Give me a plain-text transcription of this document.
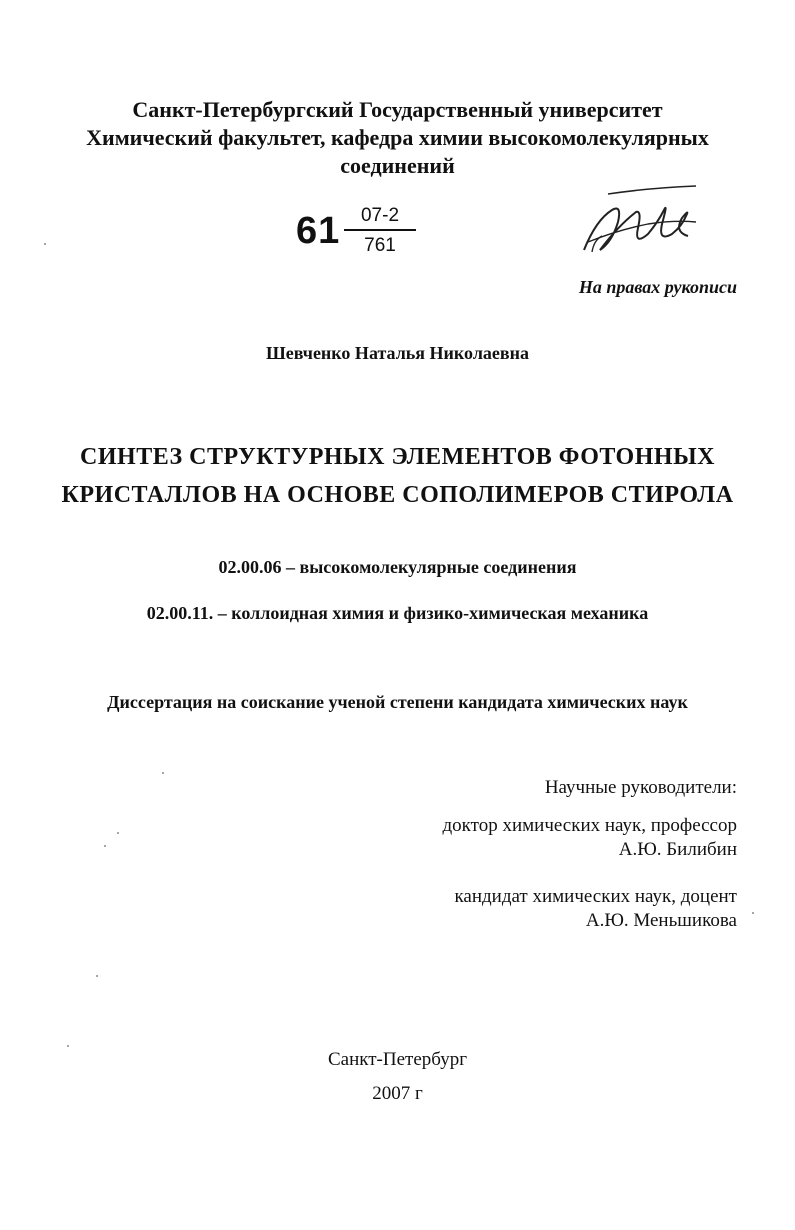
Санкт-Петербургский Государственный университет
Химический факультет, кафедра химии высокомолекулярных
соединений
$61 \frac{07-2}{761}$
На правах рукописи
Шевченко Наталья Николаевна
СИНТЕЗ СТРУКТУРНЫХ ЭЛЕМЕНТОВ ФОТОННЫХ
КРИСТАЛЛОВ НА ОСНОВЕ СОПОЛИМЕРОВ СТИРОЛА
02.00.06 – высокомолекулярные соединения
02.00.11. – коллоидная химия и физико-химическая механика
Диссертация на соискание ученой степени кандидата химических наук
Научные руководители:
доктор химических наук, профессор
А.Ю. Билибин
кандидат химических наук, доцент
А.Ю. Меньшикова
Санкт-Петербург
2007 г
